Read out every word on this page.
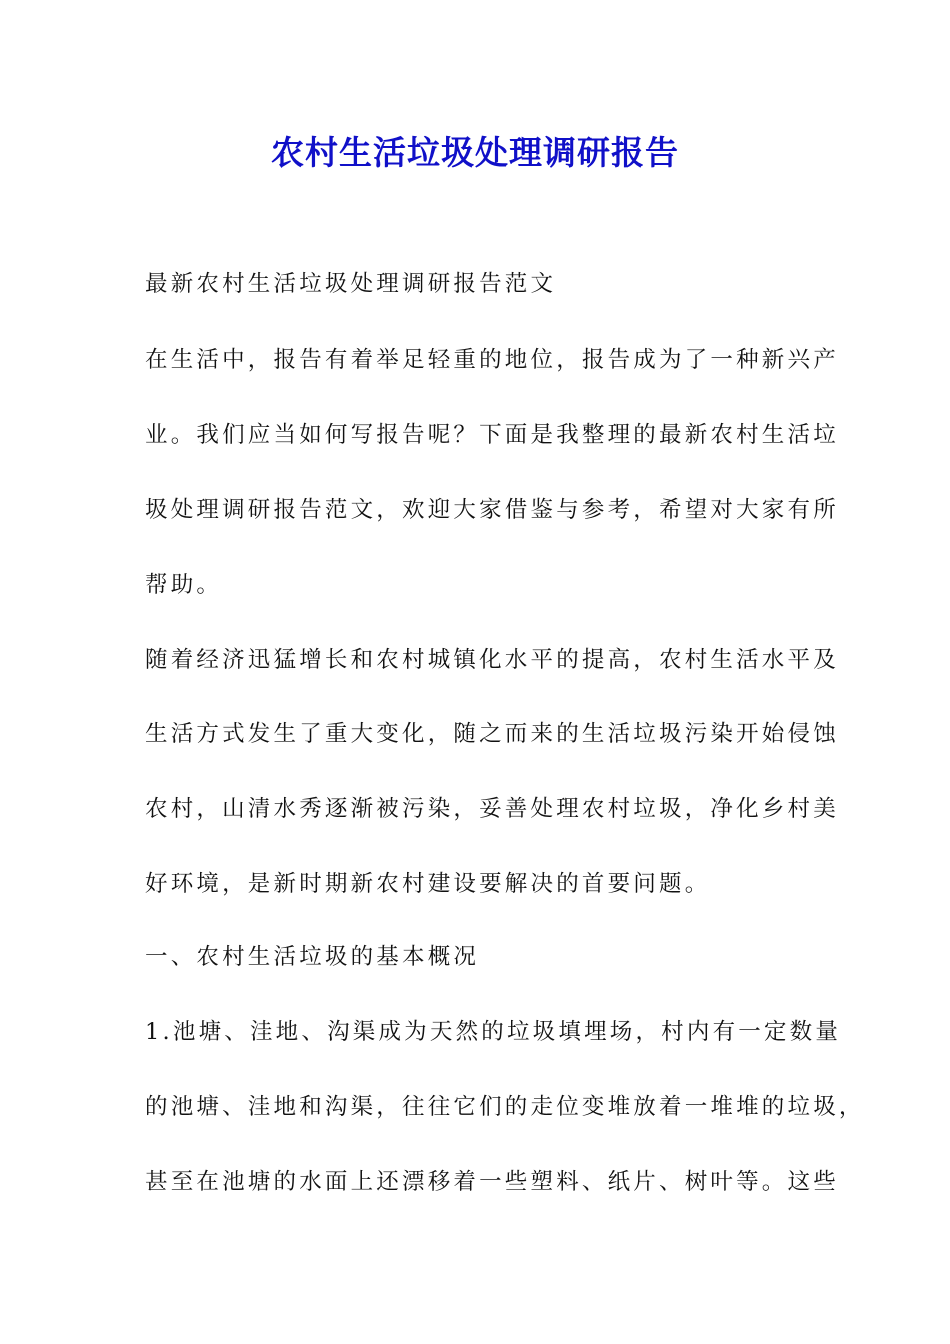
农村生活垃圾处理调研报告
最新农村生活垃圾处理调研报告范文
在生活中，报告有着举足轻重的地位，报告成为了一种新兴产
业。我们应当如何写报告呢？下面是我整理的最新农村生活垃
圾处理调研报告范文，欢迎大家借鉴与参考，希望对大家有所
帮助。
随着经济迅猛增长和农村城镇化水平的提高，农村生活水平及
生活方式发生了重大变化，随之而来的生活垃圾污染开始侵蚀
农村，山清水秀逐渐被污染，妥善处理农村垃圾，净化乡村美
好环境，是新时期新农村建设要解决的首要问题。
一、农村生活垃圾的基本概况
1.池塘、洼地、沟渠成为天然的垃圾填埋场，村内有一定数量
的池塘、洼地和沟渠，往往它们的走位变堆放着一堆堆的垃圾，
甚至在池塘的水面上还漂移着一些塑料、纸片、树叶等。这些
